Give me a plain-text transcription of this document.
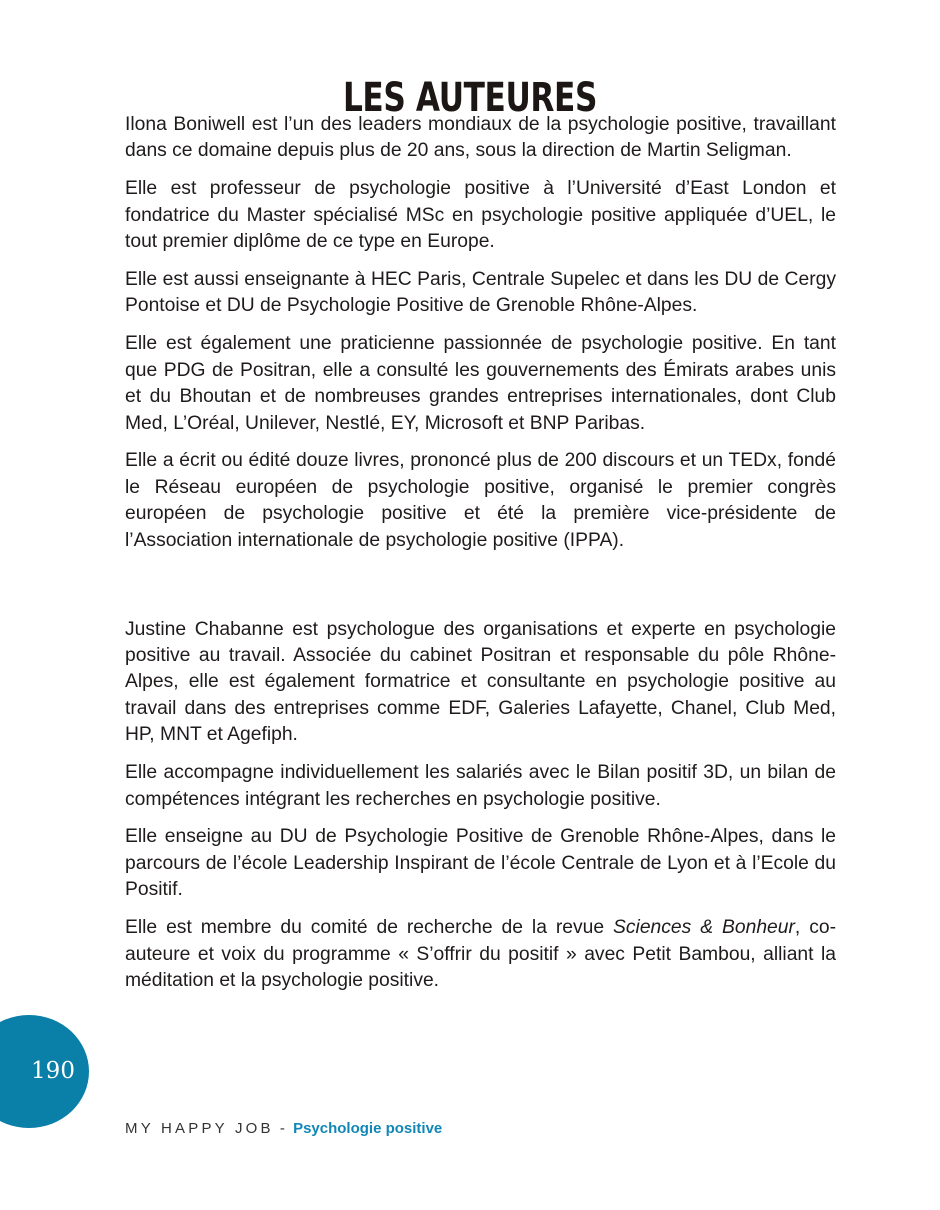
LES AUTEURES

Ilona Boniwell est l’un des leaders mondiaux de la psychologie positive, travaillant dans ce domaine depuis plus de 20 ans, sous la direction de Martin Seligman.

Elle est professeur de psychologie positive à l’Université d’East London et fondatrice du Master spécialisé MSc en psychologie positive appliquée d’UEL, le tout premier diplôme de ce type en Europe.

Elle est aussi enseignante à HEC Paris, Centrale Supelec et dans les DU de Cergy Pontoise et DU de Psychologie Positive de Grenoble Rhône-Alpes.

Elle est également une praticienne passionnée de psychologie positive. En tant que PDG de Positran, elle a consulté les gouvernements des Émirats arabes unis et du Bhoutan et de nombreuses grandes entreprises internationales, dont Club Med, L’Oréal, Unilever, Nestlé, EY, Microsoft et BNP Paribas.

Elle a écrit ou édité douze livres, prononcé plus de 200 discours et un TEDx, fondé le Réseau européen de psychologie positive, organisé le premier congrès européen de psychologie positive et été la première vice-présidente de l’Association internationale de psychologie positive (IPPA).

Justine Chabanne est psychologue des organisations et experte en psychologie positive au travail. Associée du cabinet Positran et responsable du pôle Rhône-Alpes, elle est également formatrice et consultante en psychologie positive au travail dans des entreprises comme EDF, Galeries Lafayette, Chanel, Club Med, HP, MNT et Agefiph.

Elle accompagne individuellement les salariés avec le Bilan positif 3D, un bilan de compétences intégrant les recherches en psychologie positive.

Elle enseigne au DU de Psychologie Positive de Grenoble Rhône-Alpes, dans le parcours de l’école Leadership Inspirant de l’école Centrale de Lyon et à l’Ecole du Positif.

Elle est membre du comité de recherche de la revue Sciences & Bonheur, co-auteure et voix du programme « S’offrir du positif » avec Petit Bambou, alliant la méditation et la psychologie positive.

190
MY HAPPY JOB - Psychologie positive
